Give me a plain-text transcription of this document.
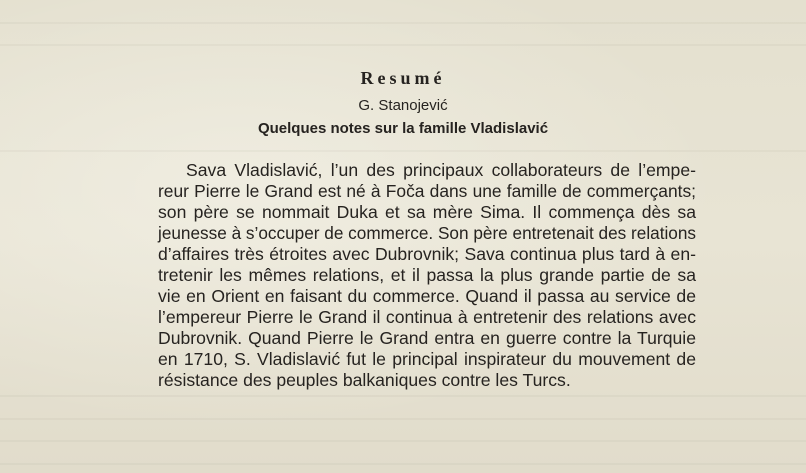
Resumé
G. Stanojević
Quelques notes sur la famille Vladislavić
Sava Vladislavić, l’un des principaux collaborateurs de l’empe-
reur Pierre le Grand est né à Foča dans une famille de commerçants;
son père se nommait Duka et sa mère Sima. Il commença dès sa
jeunesse à s’occuper de commerce. Son père entretenait des relations
d’affaires très étroites avec Dubrovnik; Sava continua plus tard à en-
tretenir les mêmes relations, et il passa la plus grande partie de sa
vie en Orient en faisant du commerce. Quand il passa au service de
l’empereur Pierre le Grand il continua à entretenir des relations avec
Dubrovnik. Quand Pierre le Grand entra en guerre contre la Turquie
en 1710, S. Vladislavić fut le principal inspirateur du mouvement de
résistance des peuples balkaniques contre les Turcs.
